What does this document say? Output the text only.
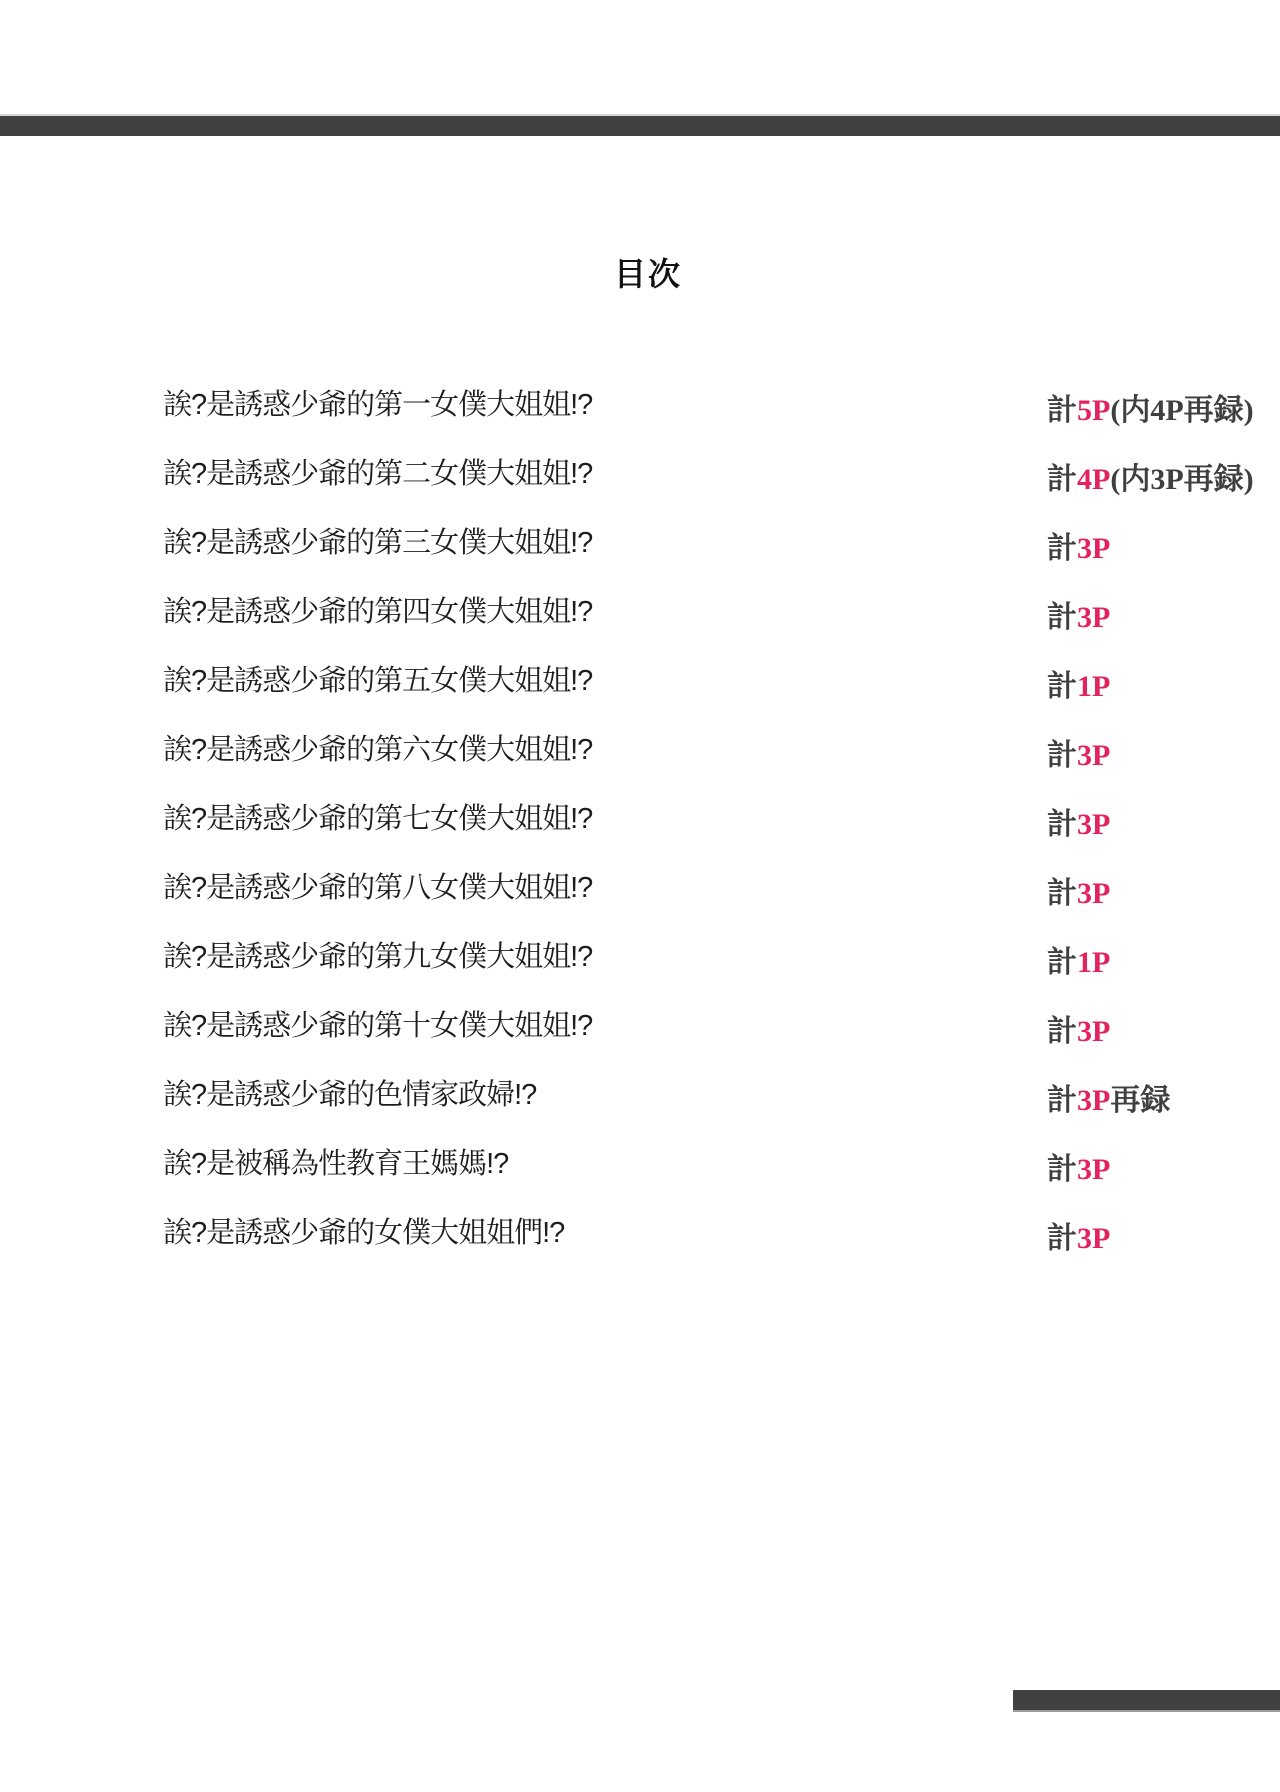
目次
誒?是誘惑少爺的第一女僕大姐姐!?	計5P(内4P再録)
誒?是誘惑少爺的第二女僕大姐姐!?	計4P(内3P再録)
誒?是誘惑少爺的第三女僕大姐姐!?	計3P
誒?是誘惑少爺的第四女僕大姐姐!?	計3P
誒?是誘惑少爺的第五女僕大姐姐!?	計1P
誒?是誘惑少爺的第六女僕大姐姐!?	計3P
誒?是誘惑少爺的第七女僕大姐姐!?	計3P
誒?是誘惑少爺的第八女僕大姐姐!?	計3P
誒?是誘惑少爺的第九女僕大姐姐!?	計1P
誒?是誘惑少爺的第十女僕大姐姐!?	計3P
誒?是誘惑少爺的色情家政婦!?	計3P再録
誒?是被稱為性教育王媽媽!?	計3P
誒?是誘惑少爺的女僕大姐姐們!?	計3P
